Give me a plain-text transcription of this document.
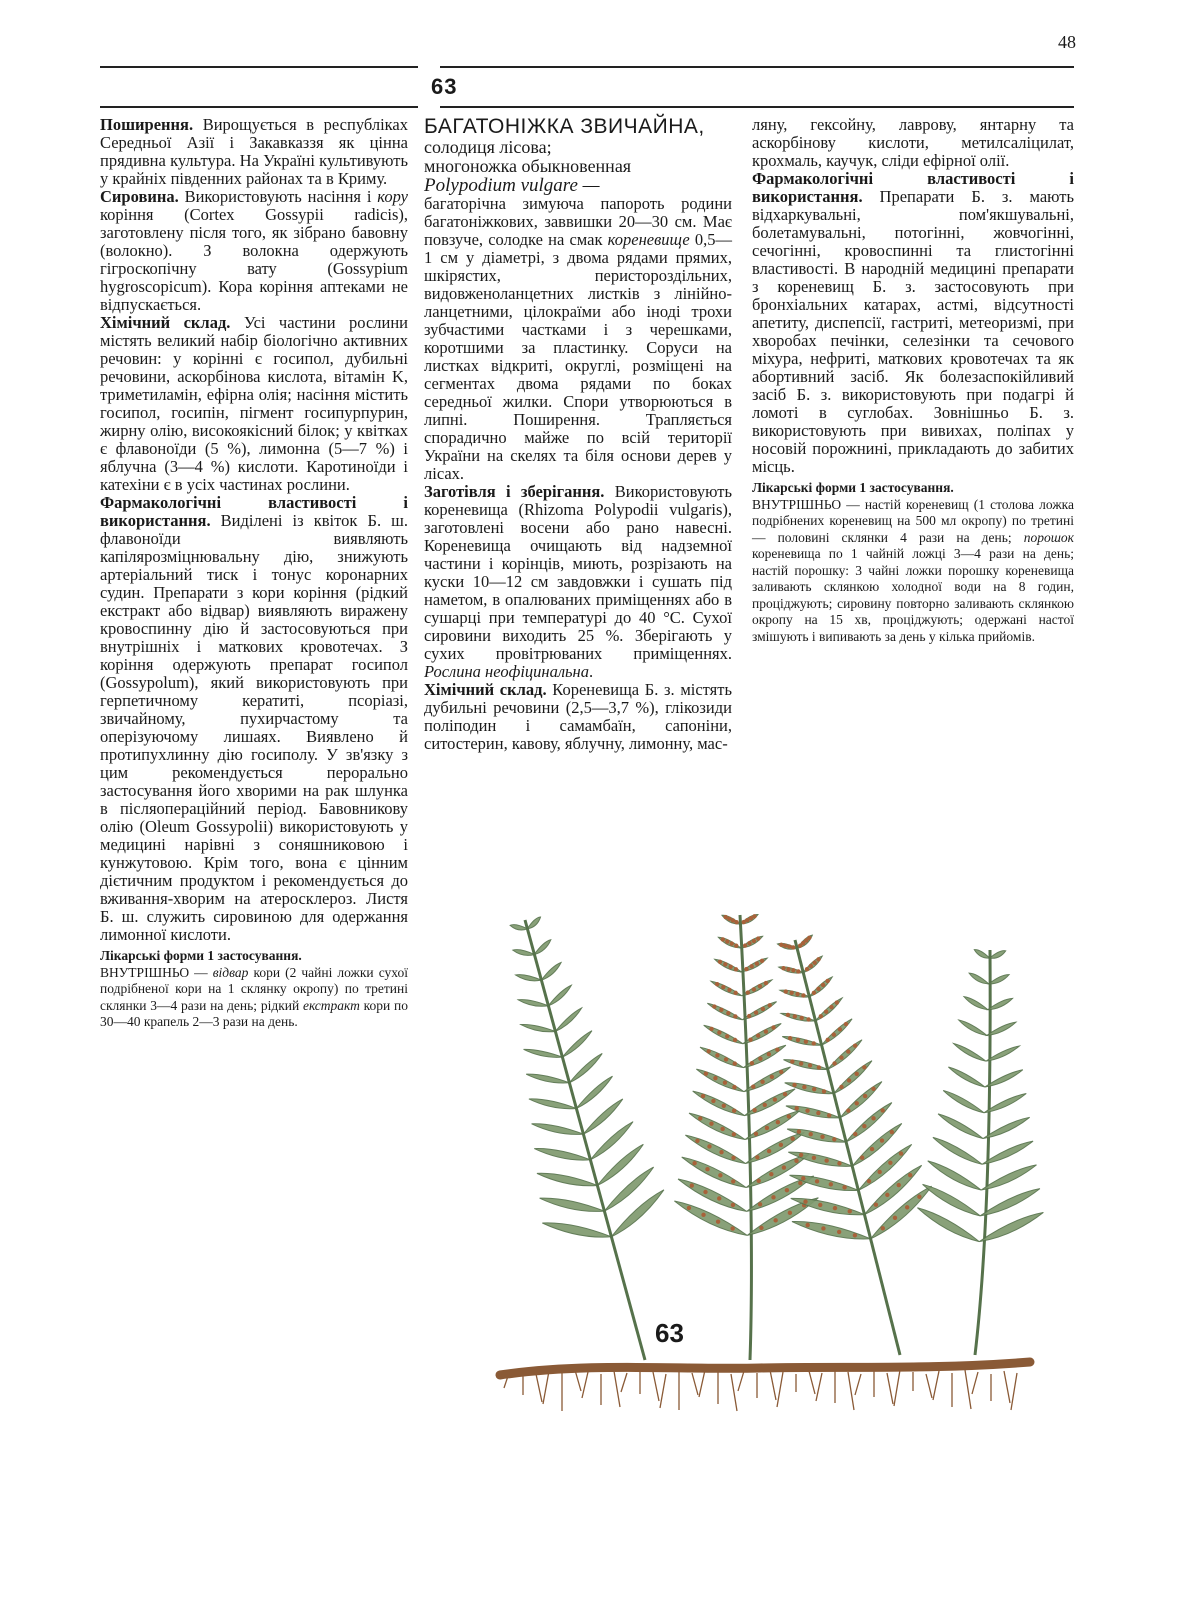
48
63

Поширення. Вирощується в республіках Середньої Азії і Закавказзя як цінна прядивна культура. На Україні культивують у крайніх південних районах та в Криму.

Сировина. Використовують насіння і кору коріння (Cortex Gossypii radicis), заготовлену після того, як зібрано бавовну (волокно). З волокна одержують гігроскопічну вату (Gossypium hygroscopicum). Кора коріння аптеками не відпускається.

Хімічний склад. Усі частини рослини містять великий набір біологічно активних речовин: у корінні є госипол, дубильні речовини, аскорбінова кислота, вітамін K, триметиламін, ефірна олія; насіння містить госипол, госипін, пігмент госипурпурин, жирну олію, високоякісний білок; у квітках є флавоноїди (5 %), лимонна (5—7 %) і яблучна (3—4 %) кислоти. Каротиноїди і катехіни є в усіх частинах рослини.

Фармакологічні властивості і використання. Виділені із квіток Б. ш. флавоноїди виявляють капілярозміцнювальну дію, знижують артеріальний тиск і тонус коронарних судин. Препарати з кори коріння (рідкий екстракт або відвар) виявляють виражену кровоспинну дію й застосовуються при внутрішніх і маткових кровотечах. З коріння одержують препарат госипол (Gossypolum), який використовують при герпетичному кератиті, псоріазі, звичайному, пухирчастому та оперізуючому лишаях. Виявлено й протипухлинну дію госиполу. У зв'язку з цим рекомендується перорально застосування його хворими на рак шлунка в післяопераційний період. Бавовникову олію (Oleum Gossypolii) використовують у медицині нарівні з соняшниковою і кунжутовою. Крім того, вона є цінним дієтичним продуктом і рекомендується до вживання-хворим на атеросклероз. Листя Б. ш. служить сировиною для одержання лимонної кислоти.

Лікарські форми 1 застосування.
ВНУТРІШНЬО — відвар кори (2 чайні ложки сухої подрібненої кори на 1 склянку окропу) по третині склянки 3—4 рази на день; рідкий екстракт кори по 30—40 крапель 2—3 рази на день.

БАГАТОНІЖКА ЗВИЧАЙНА,

солодиця лісова;

многоножка обыкновенная

Polypodium vulgare —

багаторічна зимуюча папороть родини багатоніжкових, заввишки 20—30 см. Має повзуче, солодке на смак кореневище 0,5—1 см у діаметрі, з двома рядами прямих, шкірястих, перистороздільних, видовженоланцетних листків з лінійно-ланцетними, цілокраїми або іноді трохи зубчастими частками і з черешками, коротшими за пластинку. Соруси на листках відкриті, округлі, розміщені на сегментах двома рядами по боках середньої жилки. Спори утворюються в липні. Поширення. Трапляється спорадично майже по всій території України на скелях та біля основи дерев у лісах.

Заготівля і зберігання. Використовують кореневища (Rhizoma Polypodii vulgaris), заготовлені восени або рано навесні. Кореневища очищають від надземної частини і корінців, миють, розрізають на куски 10—12 см завдовжки і сушать під наметом, в опалюваних приміщеннях або в сушарці при температурі до 40 °С. Сухої сировини виходить 25 %. Зберігають у сухих провітрюваних приміщеннях. Рослина неофіцинальна.

Хімічний склад. Кореневища Б. з. містять дубильні речовини (2,5—3,7 %), глікозиди поліподин і самамбаїн, сапоніни, ситостерин, кавову, яблучну, лимонну, мас-

ляну, гексойну, лаврову, янтарну та аскорбінову кислоти, метилсаліцилат, крохмаль, каучук, сліди ефірної олії.

Фармакологічні властивості і використання. Препарати Б. з. мають відхаркувальні, пом'якшувальні, болетамувальні, потогінні, жовчогінні, сечогінні, кровоспинні та глистогінні властивості. В народній медицині препарати з кореневищ Б. з. застосовують при бронхіальних катарах, астмі, відсутності апетиту, диспепсії, гастриті, метеоризмі, при хворобах печінки, селезінки та сечового міхура, нефриті, маткових кровотечах та як абортивний засіб. Як болезаспокійливий засіб Б. з. використовують при подагрі й ломоті в суглобах. Зовнішньо Б. з. використовують при вивихах, поліпах у носовій порожнині, прикладають до забитих місць.

Лікарські форми 1 застосування.
ВНУТРІШНЬО — настій кореневищ (1 столова ложка подрібнених кореневищ на 500 мл окропу) по третині — половині склянки 4 рази на день; порошок кореневища по 1 чайній ложці 3—4 рази на день; настій порошку: 3 чайні ложки порошку кореневища заливають склянкою холодної води на 8 годин, проціджують; сировину повторно заливають склянкою окропу на 15 хв, проціджують; одержані настої змішують і випивають за день у кілька прийомів.

63
